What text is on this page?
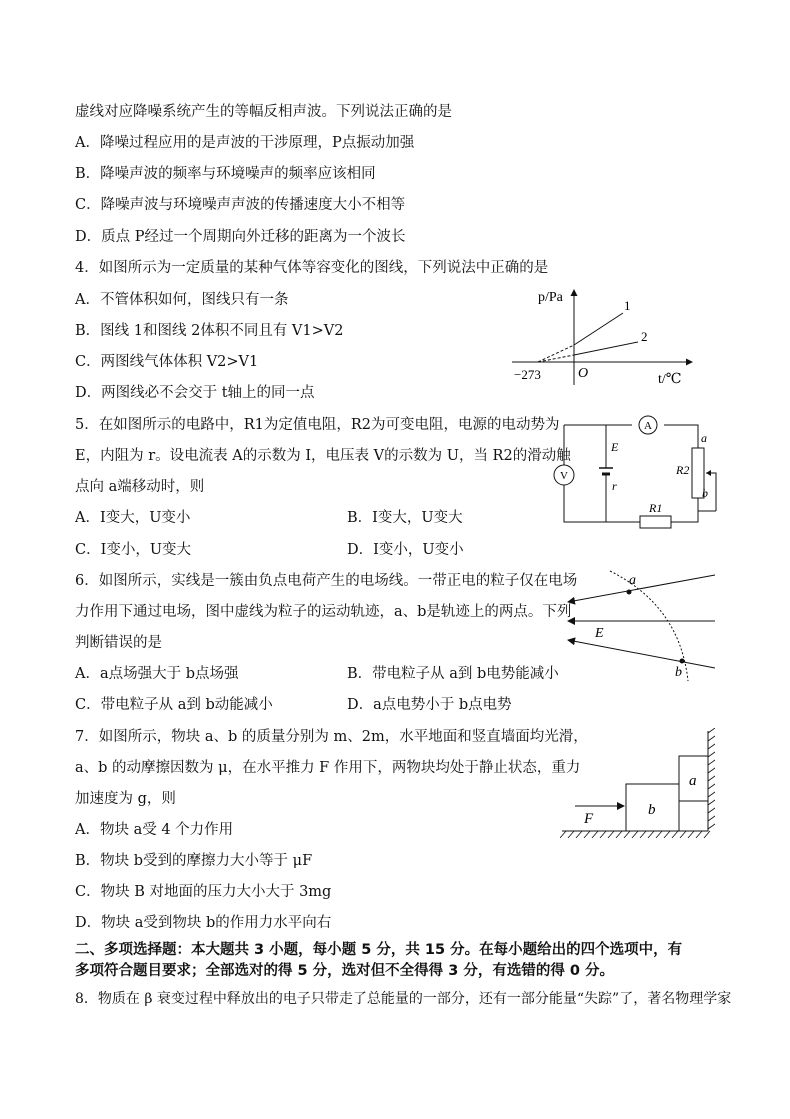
虚线对应降噪系统产生的等幅反相声波。下列说法正确的是
A．降噪过程应用的是声波的干涉原理，P点振动加强
B．降噪声波的频率与环境噪声的频率应该相同
C．降噪声波与环境噪声声波的传播速度大小不相等
D．质点 P经过一个周期向外迁移的距离为一个波长
4．如图所示为一定质量的某种气体等容变化的图线，下列说法中正确的是
A．不管体积如何，图线只有一条
B．图线 1和图线 2体积不同且有 V1>V2
C．两图线气体体积 V2>V1
D．两图线必不会交于 t轴上的同一点
p/Pa
t/℃
O
−273
1
2
5．在如图所示的电路中，R1为定值电阻，R2为可变电阻，电源的电动势为
E，内阻为 r。设电流表 A的示数为 I，电压表 V的示数为 U，当 R2的滑动触
点向 a端移动时，则
A．I变大，U变小	B．I变大，U变大
C．I变小，U变大	D．I变小，U变小
A
V
E
r
R1
R2
a
b
6．如图所示，实线是一簇由负点电荷产生的电场线。一带正电的粒子仅在电场
力作用下通过电场，图中虚线为粒子的运动轨迹，a、b是轨迹上的两点。下列
判断错误的是
A．a点场强大于 b点场强	B．带电粒子从 a到 b电势能减小
C．带电粒子从 a到 b动能减小	D．a点电势小于 b点电势
a
b
E
7．如图所示，物块 a、b 的质量分别为 m、2m，水平地面和竖直墙面均光滑，
a、b 的动摩擦因数为 μ，在水平推力 F 作用下，两物块均处于静止状态，重力
加速度为 g，则
A．物块 a受 4 个力作用
B．物块 b受到的摩擦力大小等于 μF
C．物块 B 对地面的压力大小大于 3mg
D．物块 a受到物块 b的作用力水平向右
b
a
F
二、多项选择题：本大题共 3 小题，每小题 5 分，共 15 分。在每小题给出的四个选项中，有
多项符合题目要求；全部选对的得 5 分，选对但不全得得 3 分，有选错的得 0 分。
8．物质在 β 衰变过程中释放出的电子只带走了总能量的一部分，还有一部分能量“失踪”了，著名物理学家
